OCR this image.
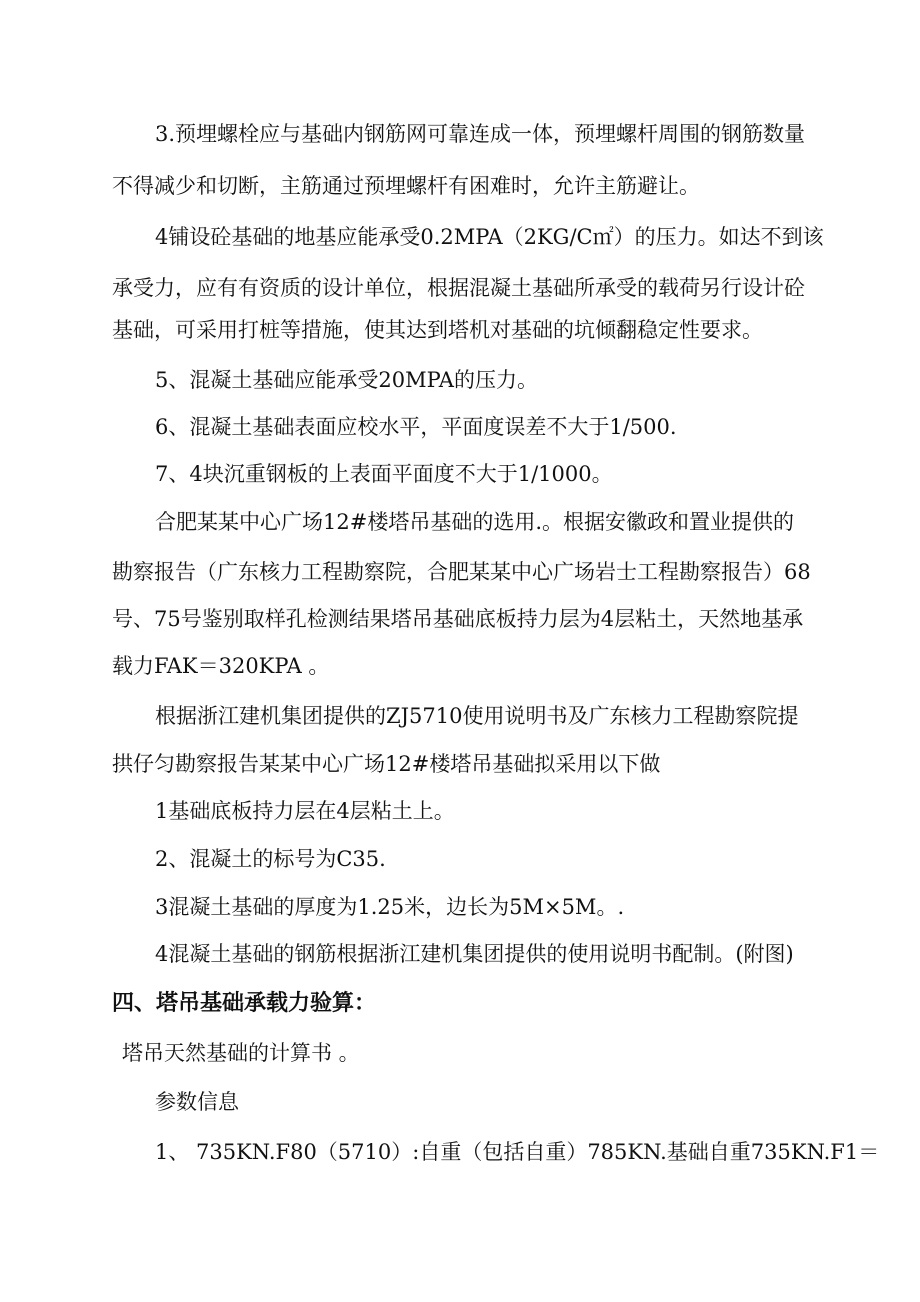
3.预埋螺栓应与基础内钢筋网可靠连成一体，预埋螺杆周围的钢筋数量
不得减少和切断，主筋通过预埋螺杆有困难时，允许主筋避让。
4铺设砼基础的地基应能承受0.2MPA（2KG/C㎡）的压力。如达不到该
承受力，应有有资质的设计单位，根据混凝土基础所承受的载荷另行设计砼
基础，可采用打桩等措施，使其达到塔机对基础的坑倾翻稳定性要求。
5、混凝土基础应能承受20MPA的压力。
6、混凝土基础表面应校水平，平面度误差不大于1/500.
7、4块沉重钢板的上表面平面度不大于1/1000。
合肥某某中心广场12#楼塔吊基础的选用.。根据安徽政和置业提供的
勘察报告（广东核力工程勘察院，合肥某某中心广场岩士工程勘察报告）68
号、75号鉴别取样孔检测结果塔吊基础底板持力层为4层粘土，天然地基承
载力FAK＝320KPA 。
根据浙江建机集团提供的ZJ5710使用说明书及广东核力工程勘察院提
拱仔匀勘察报告某某中心广场12#楼塔吊基础拟采用以下做
1基础底板持力层在4层粘土上。
2、混凝土的标号为C35.
3混凝土基础的厚度为1.25米，边长为5M×5M。.
4混凝土基础的钢筋根据浙江建机集团提供的使用说明书配制。(附图)
四、塔吊基础承载力验算：
塔吊天然基础的计算书 。
参数信息
1、 735KN.F80（5710）:自重（包括自重）785KN.基础自重735KN.F1＝
